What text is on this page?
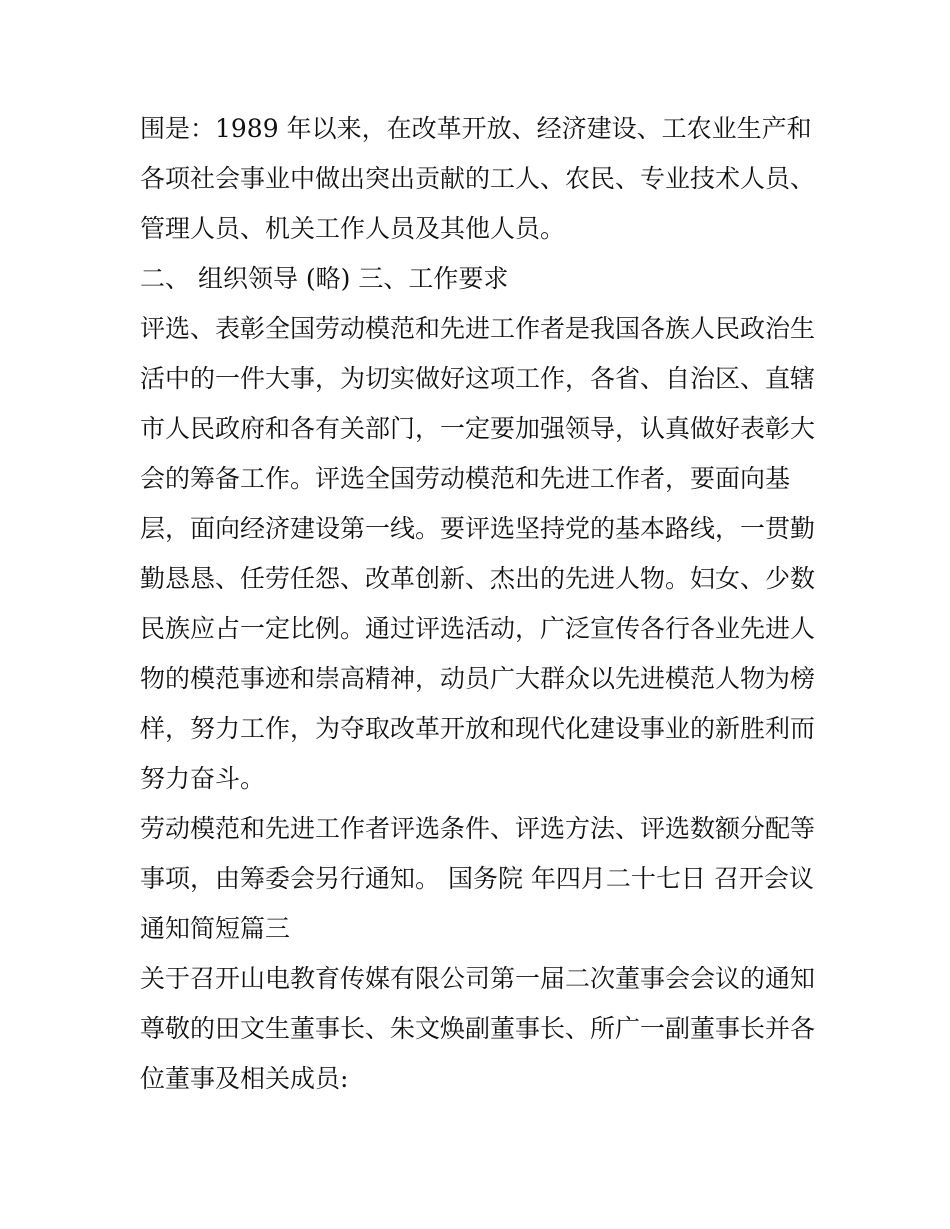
围是：1989 年以来，在改革开放、经济建设、工农业生产和
各项社会事业中做出突出贡献的工人、农民、专业技术人员、
管理人员、机关工作人员及其他人员。
二、 组织领导 (略) 三、工作要求
评选、表彰全国劳动模范和先进工作者是我国各族人民政治生
活中的一件大事，为切实做好这项工作，各省、自治区、直辖
市人民政府和各有关部门，一定要加强领导，认真做好表彰大
会的筹备工作。评选全国劳动模范和先进工作者，要面向基
层，面向经济建设第一线。要评选坚持党的基本路线，一贯勤
勤恳恳、任劳任怨、改革创新、杰出的先进人物。妇女、少数
民族应占一定比例。通过评选活动，广泛宣传各行各业先进人
物的模范事迹和崇高精神，动员广大群众以先进模范人物为榜
样，努力工作，为夺取改革开放和现代化建设事业的新胜利而
努力奋斗。
劳动模范和先进工作者评选条件、评选方法、评选数额分配等
事项，由筹委会另行通知。 国务院 年四月二十七日 召开会议
通知简短篇三
关于召开山电教育传媒有限公司第一届二次董事会会议的通知
尊敬的田文生董事长、朱文焕副董事长、所广一副董事长并各
位董事及相关成员:
